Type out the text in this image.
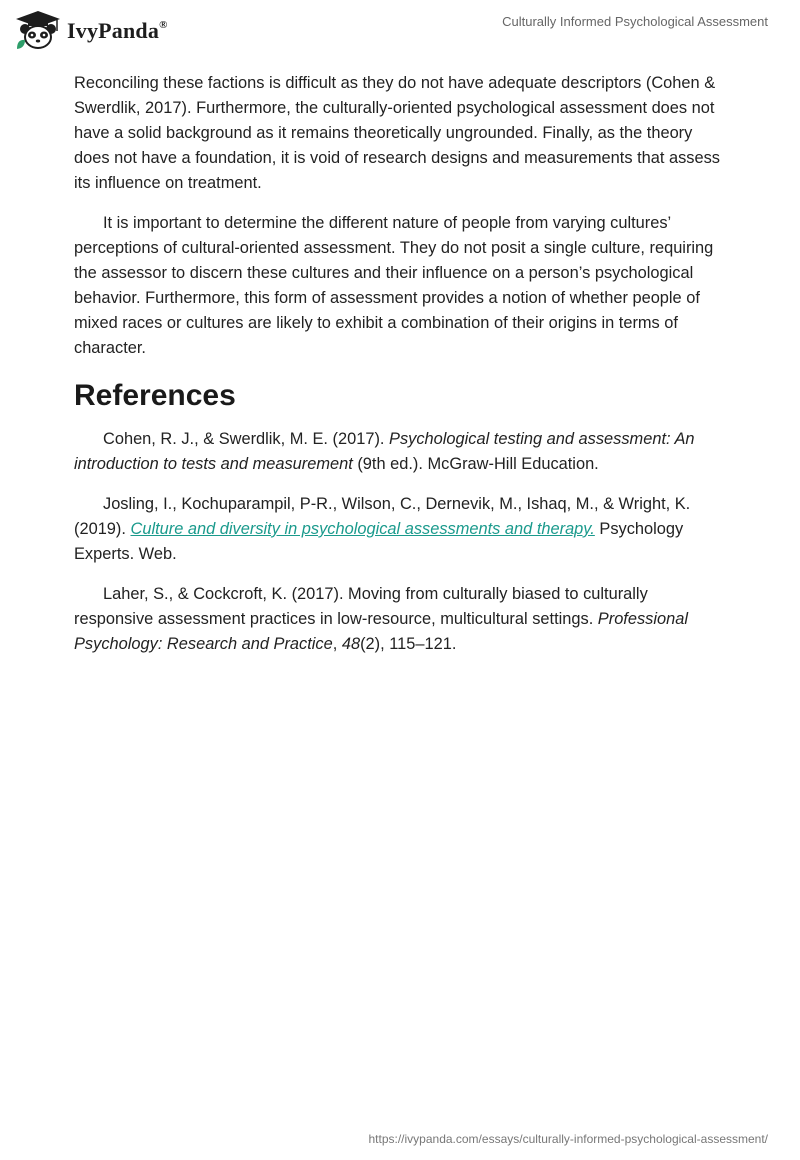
IvyPanda®	Culturally Informed Psychological Assessment

Reconciling these factions is difficult as they do not have adequate descriptors (Cohen & Swerdlik, 2017). Furthermore, the culturally-oriented psychological assessment does not have a solid background as it remains theoretically ungrounded. Finally, as the theory does not have a foundation, it is void of research designs and measurements that assess its influence on treatment.

It is important to determine the different nature of people from varying cultures’ perceptions of cultural-oriented assessment. They do not posit a single culture, requiring the assessor to discern these cultures and their influence on a person’s psychological behavior. Furthermore, this form of assessment provides a notion of whether people of mixed races or cultures are likely to exhibit a combination of their origins in terms of character.

References

Cohen, R. J., & Swerdlik, M. E. (2017). Psychological testing and assessment: An introduction to tests and measurement (9th ed.). McGraw-Hill Education.

Josling, I., Kochuparampil, P-R., Wilson, C., Dernevik, M., Ishaq, M., & Wright, K. (2019). Culture and diversity in psychological assessments and therapy. Psychology Experts. Web.

Laher, S., & Cockcroft, K. (2017). Moving from culturally biased to culturally responsive assessment practices in low-resource, multicultural settings. Professional Psychology: Research and Practice, 48(2), 115–121.

https://ivypanda.com/essays/culturally-informed-psychological-assessment/
